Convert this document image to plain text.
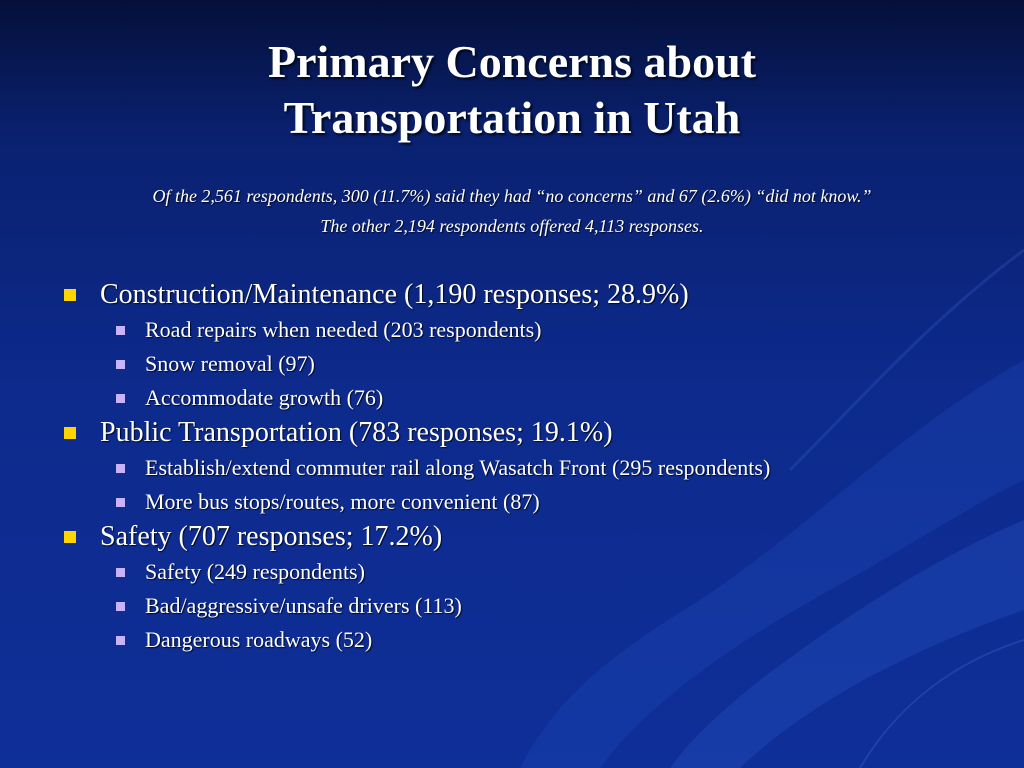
Primary Concerns about
Transportation in Utah
Of the 2,561 respondents, 300 (11.7%) said they had “no concerns” and 67 (2.6%) “did not know.”
The other 2,194 respondents offered 4,113 responses.
Construction/Maintenance (1,190 responses; 28.9%)
Road repairs when needed (203 respondents)
Snow removal (97)
Accommodate growth (76)
Public Transportation (783 responses; 19.1%)
Establish/extend commuter rail along Wasatch Front (295 respondents)
More bus stops/routes, more convenient (87)
Safety (707 responses; 17.2%)
Safety (249 respondents)
Bad/aggressive/unsafe drivers (113)
Dangerous roadways (52)
